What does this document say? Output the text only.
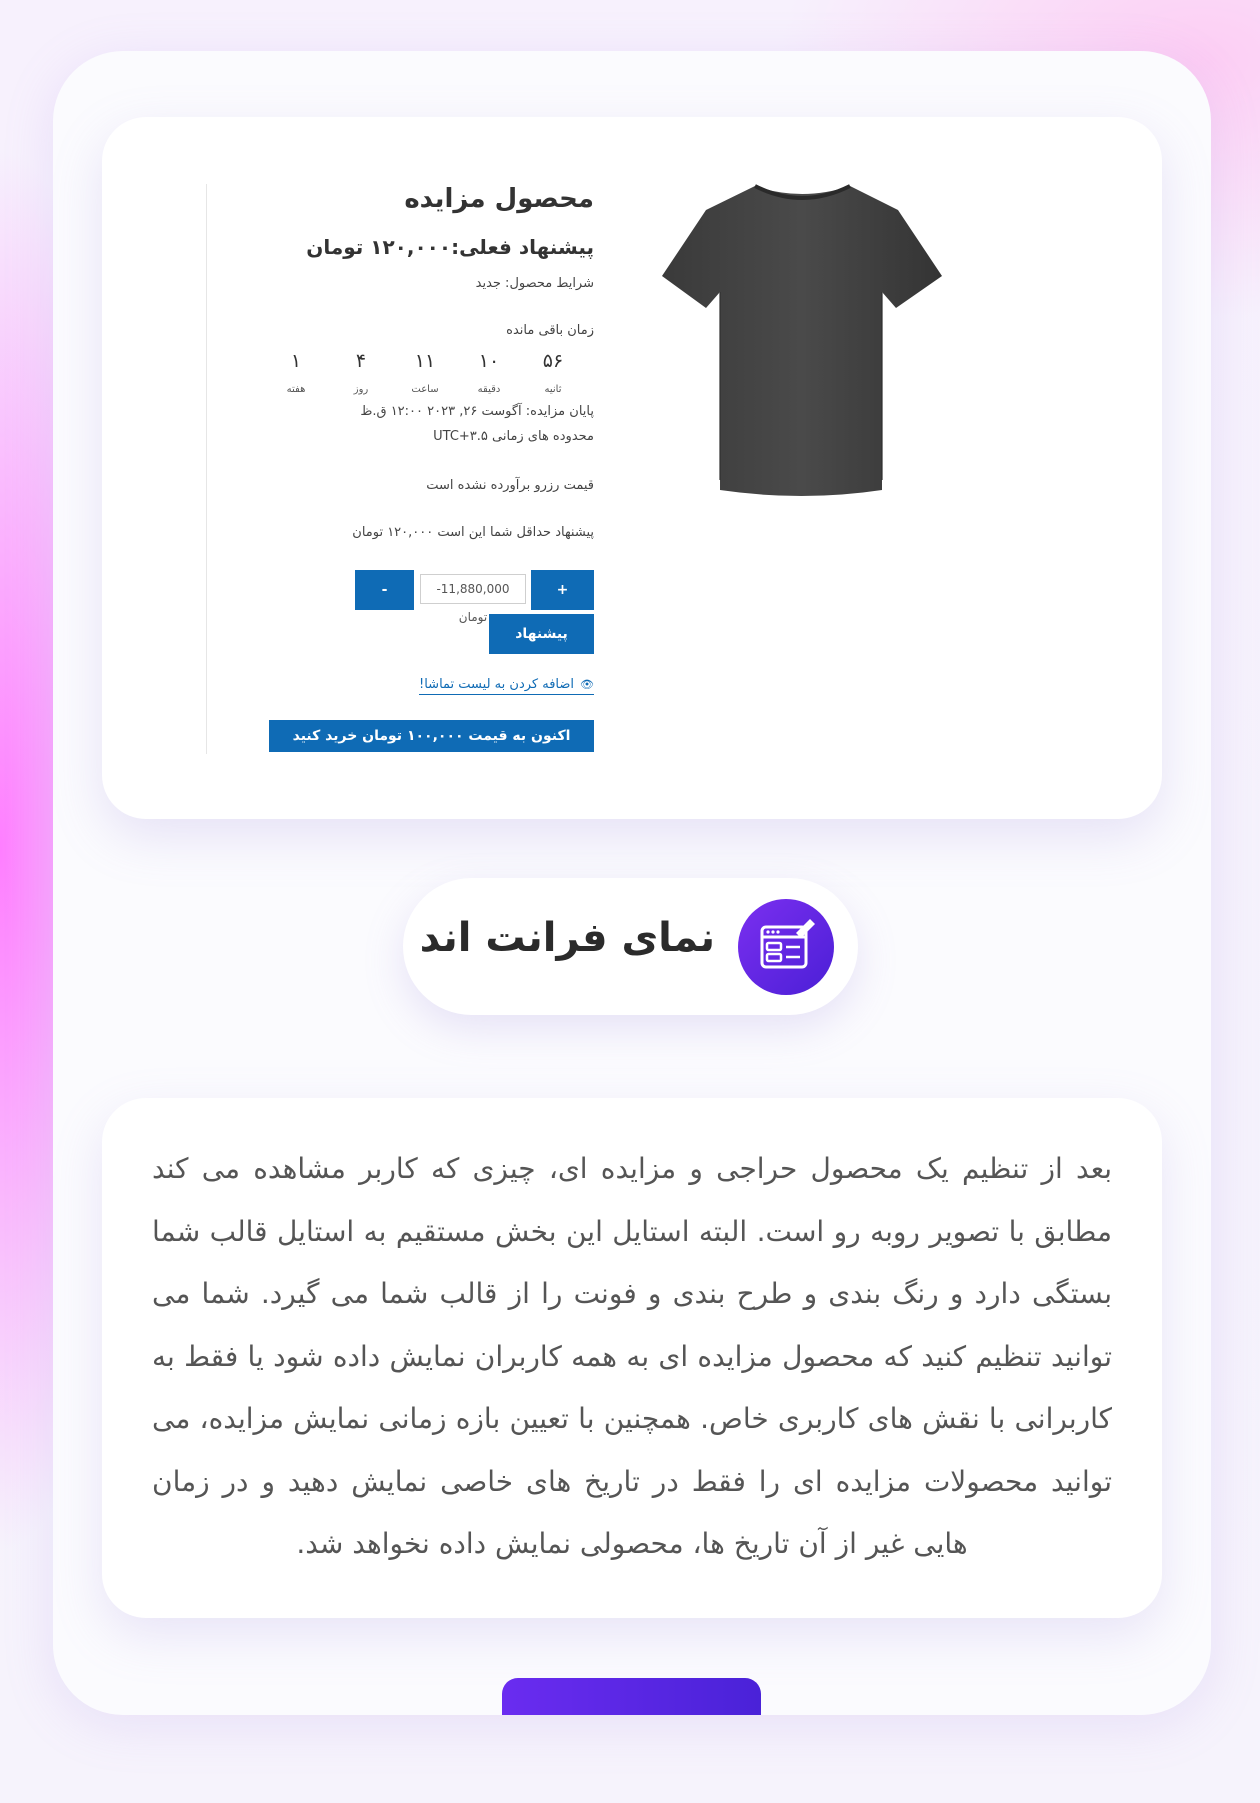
محصول مزایده
پیشنهاد فعلی:۱۲۰,۰۰۰ تومان
شرایط محصول: جدید
زمان باقی مانده
۵۶
۱۰
۱۱
۴
۱
ثانیه
دقیقه
ساعت
روز
هفته
پایان مزایده: آگوست ۲۶, ۲۰۲۳ ۱۲:۰۰ ق.ظ
محدوده های زمانی UTC+۳.۵
قیمت رزرو برآورده نشده است
پیشنهاد حداقل شما این است ۱۲۰,۰۰۰ تومان
+
-11,880,000 تومان
-
پیشنهاد
👁اضافه کردن به لیست تماشا!
اکنون به قیمت ۱۰۰,۰۰۰ تومان خرید کنید
نمای فرانت اند
بعد از تنظیم یک محصول حراجی و مزایده ای، چیزی که کاربر مشاهده می کند مطابق با تصویر روبه رو است. البته استایل این بخش مستقیم به استایل قالب شما بستگی دارد و رنگ بندی و طرح بندی و فونت را از قالب شما می گیرد. شما می توانید تنظیم کنید که محصول مزایده ای به همه کاربران نمایش داده شود یا فقط به کاربرانی با نقش های کاربری خاص. همچنین با تعیین بازه زمانی نمایش مزایده، می توانید محصولات مزایده ای را فقط در تاریخ های خاصی نمایش دهید و در زمان هایی غیر از آن تاریخ ها، محصولی نمایش داده نخواهد شد.
